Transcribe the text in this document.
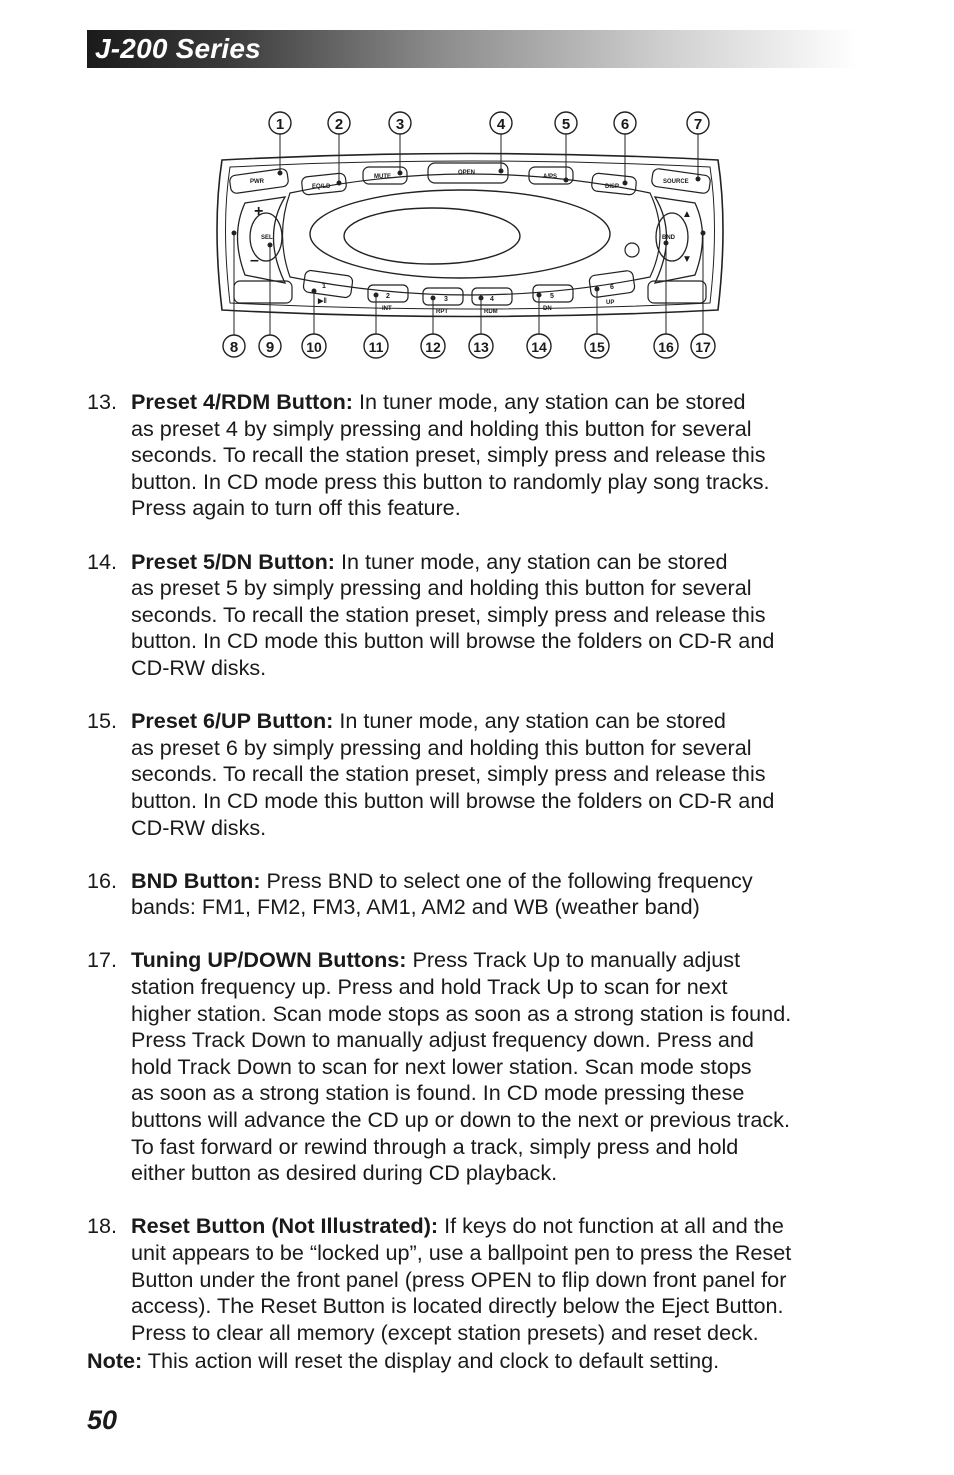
J-200 Series
+
–
SEL
▲
▼
BND
PWR
EQ/LD
MUTE
OPEN
A/PS
DISP
SOURCE
1
▶‖
2
INT
3
RPT
4
RDM
5
DN
6
UP
1	2	3	4	5	6	7
8 9 10	11	12 13	14	15	16 17
13. Preset 4/RDM Button: In tuner mode, any station can be stored
as preset 4 by simply pressing and holding this button for several
seconds. To recall the station preset, simply press and release this
button. In CD mode press this button to randomly play song tracks.
Press again to turn off this feature.
14. Preset 5/DN Button: In tuner mode, any station can be stored
as preset 5 by simply pressing and holding this button for several
seconds. To recall the station preset, simply press and release this
button. In CD mode this button will browse the folders on CD-R and
CD-RW disks.
15. Preset 6/UP Button: In tuner mode, any station can be stored
as preset 6 by simply pressing and holding this button for several
seconds. To recall the station preset, simply press and release this
button. In CD mode this button will browse the folders on CD-R and
CD-RW disks.
16. BND Button: Press BND to select one of the following frequency
bands: FM1, FM2, FM3, AM1, AM2 and WB (weather band)
17. Tuning UP/DOWN Buttons: Press Track Up to manually adjust
station frequency up. Press and hold Track Up to scan for next
higher station. Scan mode stops as soon as a strong station is found.
Press Track Down to manually adjust frequency down. Press and
hold Track Down to scan for next lower station. Scan mode stops
as soon as a strong station is found. In CD mode pressing these
buttons will advance the CD up or down to the next or previous track.
To fast forward or rewind through a track, simply press and hold
either button as desired during CD playback.
18. Reset Button (Not Illustrated): If keys do not function at all and the
unit appears to be “locked up”, use a ballpoint pen to press the Reset
Button under the front panel (press OPEN to flip down front panel for
access). The Reset Button is located directly below the Eject Button.
Press to clear all memory (except station presets) and reset deck.
Note: This action will reset the display and clock to default setting.
50
